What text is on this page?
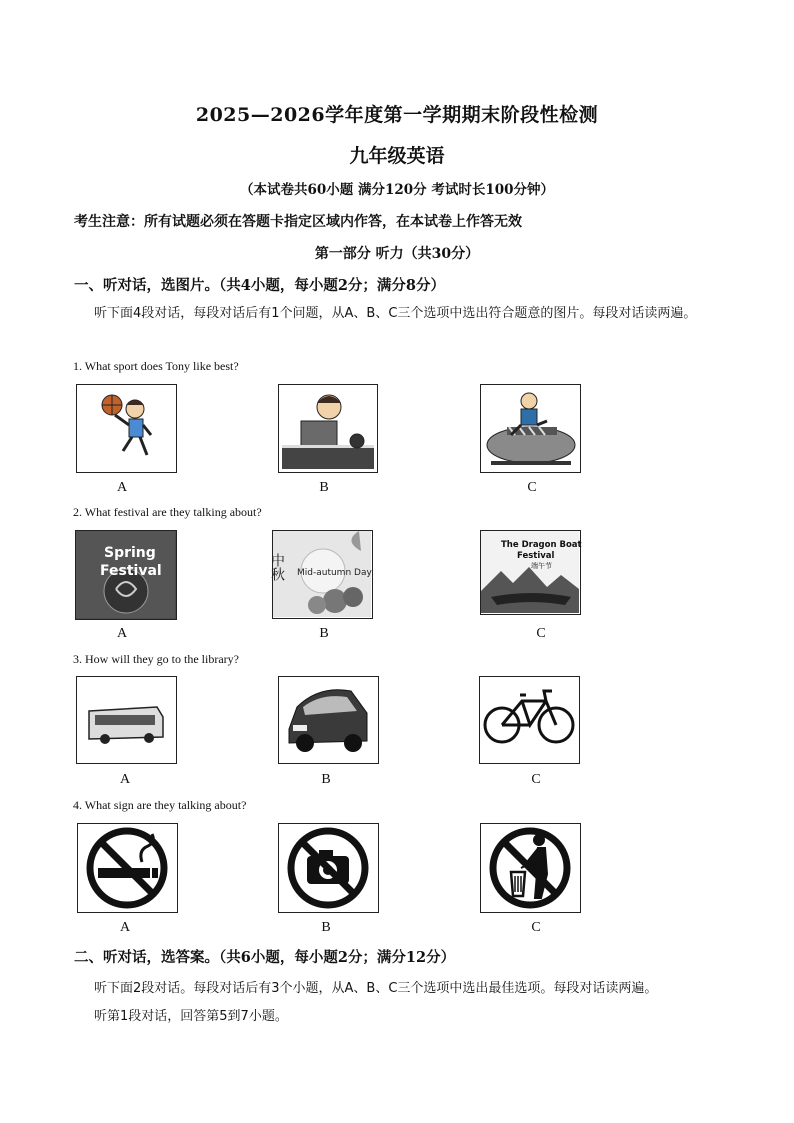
2025—2026学年度第一学期期末阶段性检测
九年级英语
（本试卷共60小题 满分120分 考试时长100分钟）
考生注意：所有试题必须在答题卡指定区域内作答，在本试卷上作答无效
第一部分 听力（共30分）
一、听对话，选图片。（共4小题，每小题2分；满分8分）
听下面4段对话，每段对话后有1个问题，从A、B、C三个选项中选出符合题意的图片。每段对话读两遍。
1. What sport does Tony like best?
A	B	C
2. What festival are they talking about?
Spring
Festival	中秋 Mid-autumn Day
The Dragon Boat
Festival
端午节
A	B	C
3. How will they go to the library?
A	B	C
4. What sign are they talking about?
A	B	C
二、听对话，选答案。（共6小题，每小题2分；满分12分）
听下面2段对话。每段对话后有3个小题，从A、B、C三个选项中选出最佳选项。每段对话读两遍。
听第1段对话，回答第5到7小题。
